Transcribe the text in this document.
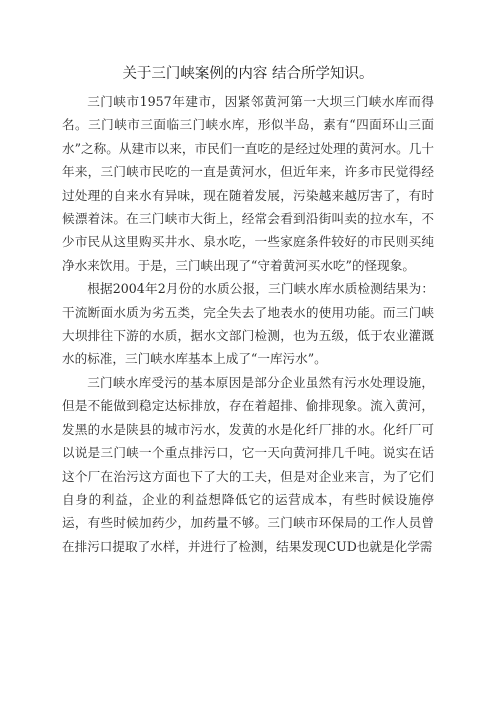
关于三门峡案例的内容 结合所学知识。

三门峡市1957年建市，因紧邻黄河第一大坝三门峡水库而得名。三门峡市三面临三门峡水库，形似半岛，素有“四面环山三面水”之称。从建市以来，市民们一直吃的是经过处理的黄河水。几十年来，三门峡市民吃的一直是黄河水，但近年来，许多市民觉得经过处理的自来水有异味，现在随着发展，污染越来越厉害了，有时候漂着沫。在三门峡市大街上，经常会看到沿街叫卖的拉水车，不少市民从这里购买井水、泉水吃，一些家庭条件较好的市民则买纯净水来饮用。于是，三门峡出现了“守着黄河买水吃”的怪现象。

根据2004年2月份的水质公报，三门峡水库水质检测结果为：干流断面水质为劣五类，完全失去了地表水的使用功能。而三门峡大坝排往下游的水质，据水文部门检测，也为五级，低于农业灌溉水的标准，三门峡水库基本上成了“一库污水”。

三门峡水库受污的基本原因是部分企业虽然有污水处理设施，但是不能做到稳定达标排放，存在着超排、偷排现象。流入黄河，发黑的水是陕县的城市污水，发黄的水是化纤厂排的水。化纤厂可以说是三门峡一个重点排污口，它一天向黄河排几千吨。说实在话这个厂在治污这方面也下了大的工夫，但是对企业来言，为了它们自身的利益，企业的利益想降低它的运营成本，有些时候设施停运，有些时候加药少，加药量不够。三门峡市环保局的工作人员曾在排污口提取了水样，并进行了检测，结果发现CUD也就是化学需
